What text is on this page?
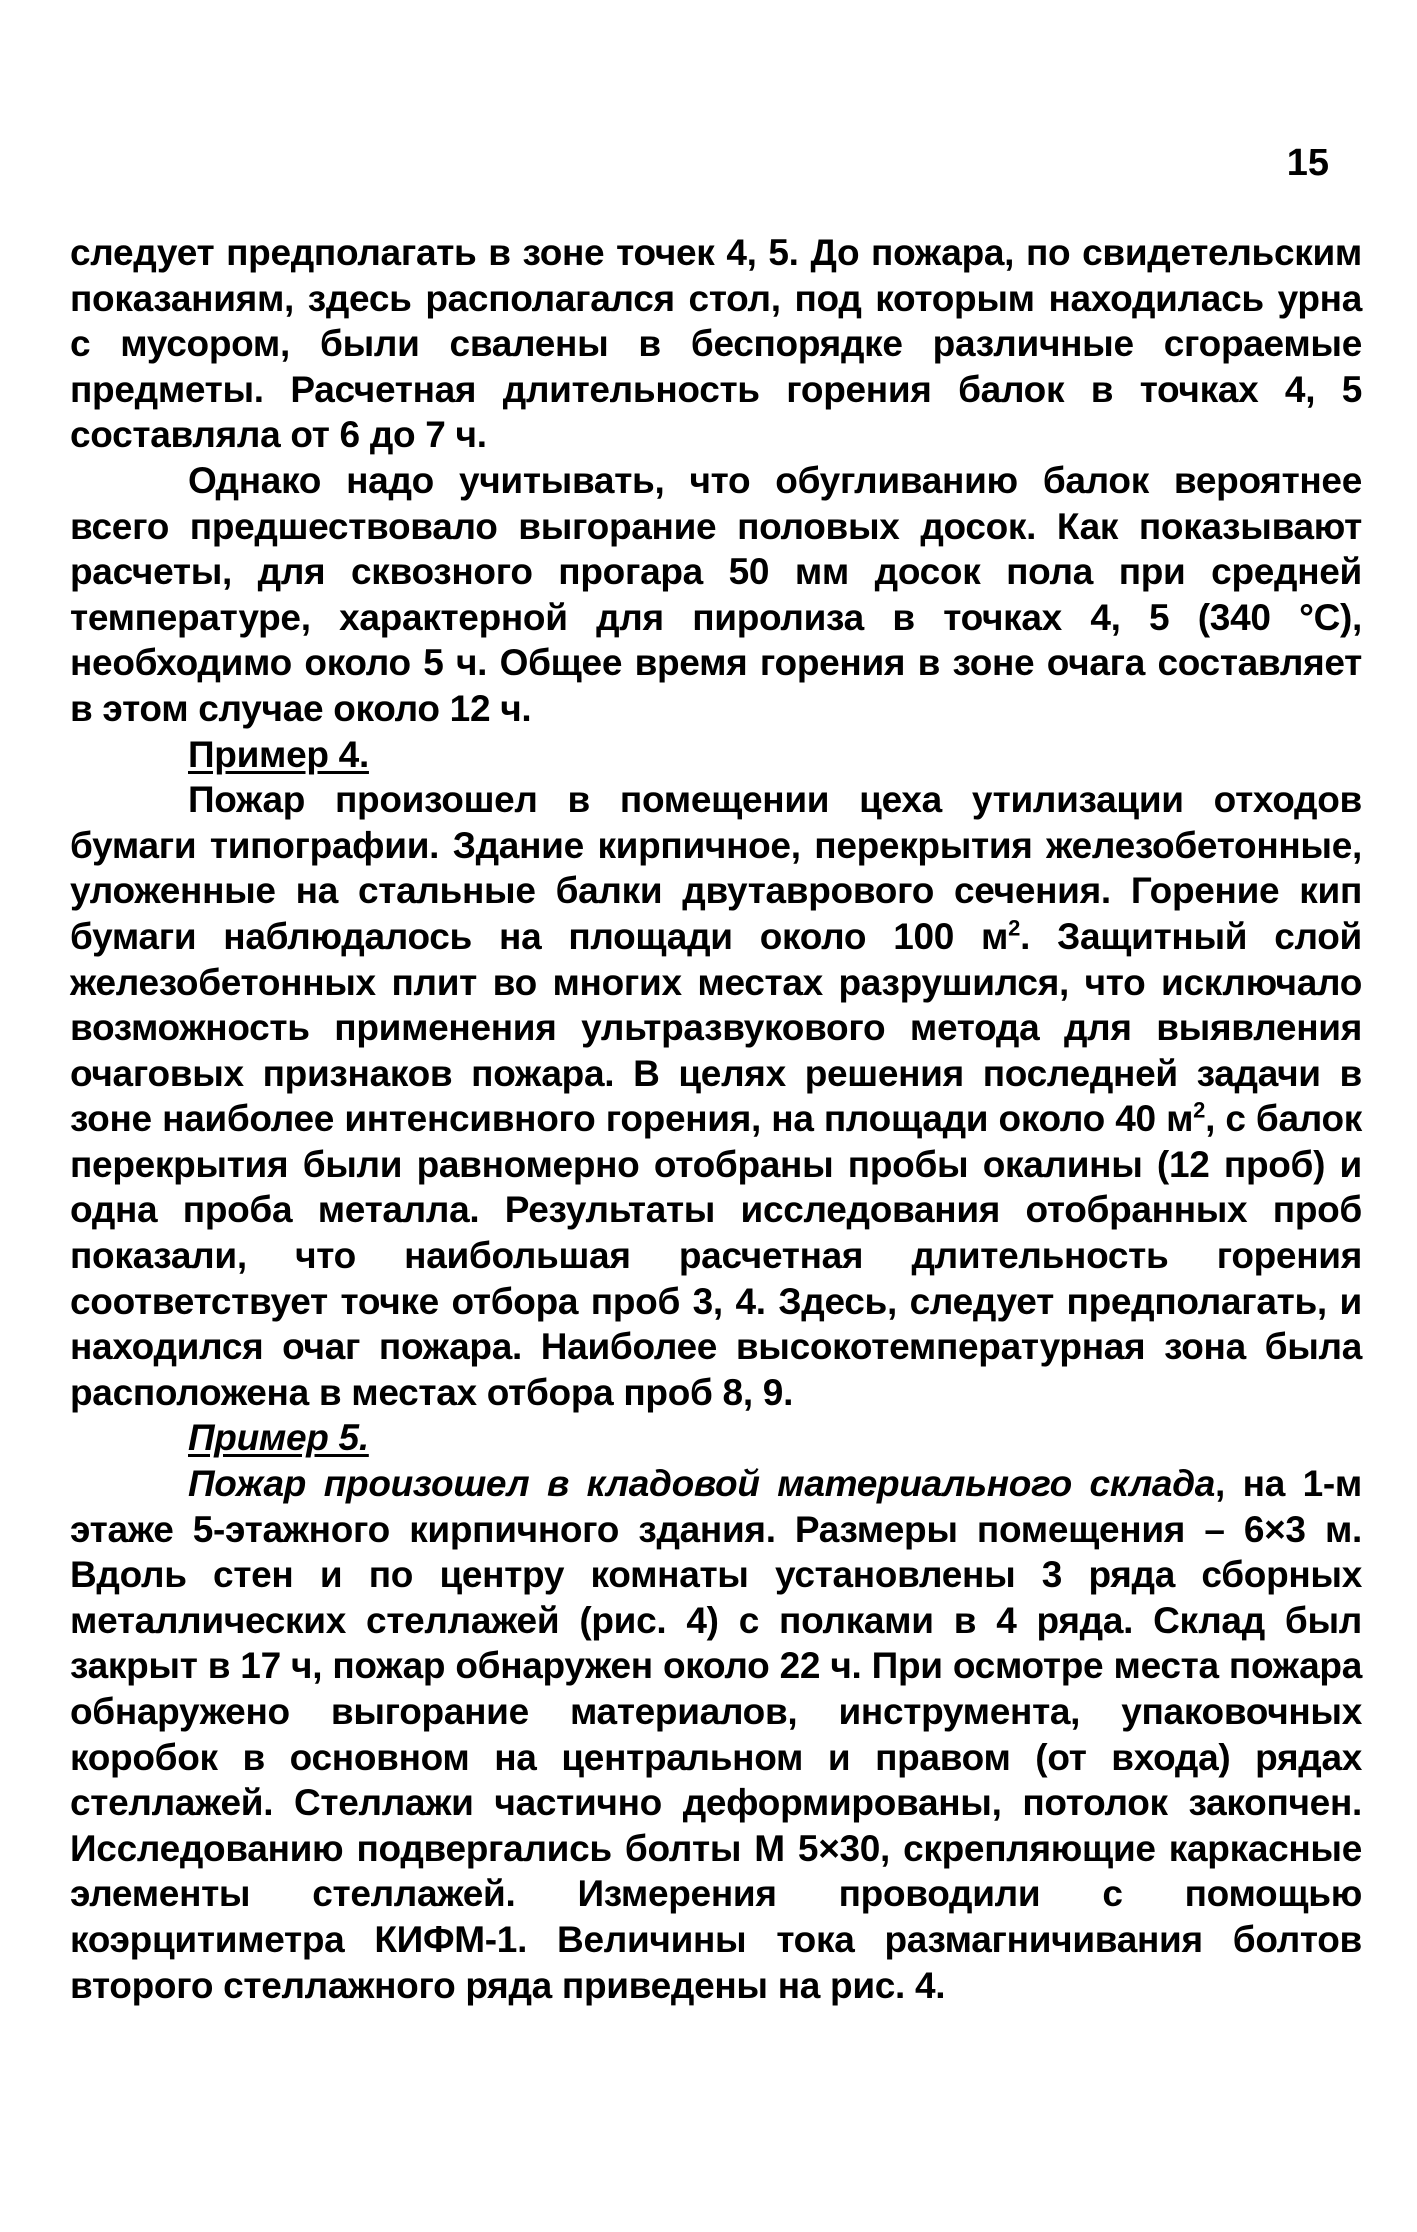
15

следует предполагать в зоне точек 4, 5. До пожара, по свидетельским показаниям, здесь располагался стол, под которым находилась урна с мусором, были свалены в беспорядке различные сгораемые предметы. Расчетная длительность горения балок в точках 4, 5 составляла от 6 до 7 ч.

Однако надо учитывать, что обугливанию балок вероятнее всего предшествовало выгорание половых досок. Как показывают расчеты, для сквозного прогара 50 мм досок пола при средней температуре, характерной для пиролиза в точках 4, 5 (340 °С), необходимо около 5 ч. Общее время горения в зоне очага составляет в этом случае около 12 ч.

Пример 4.

Пожар произошел в помещении цеха утилизации отходов бумаги типографии. Здание кирпичное, перекрытия железобетонные, уложенные на стальные балки двутаврового сечения. Горение кип бумаги наблюдалось на площади около 100 $м^2$. Защитный слой железобетонных плит во многих местах разрушился, что исключало возможность применения ультразвукового метода для выявления очаговых признаков пожара. В целях решения последней задачи в зоне наиболее интенсивного горения, на площади около 40 $м^2$, с балок перекрытия были равномерно отобраны пробы окалины (12 проб) и одна проба металла. Результаты исследования отобранных проб показали, что наибольшая расчетная длительность горения соответствует точке отбора проб 3, 4. Здесь, следует предполагать, и находился очаг пожара. Наиболее высокотемпературная зона была расположена в местах отбора проб 8, 9.

Пример 5.

Пожар произошел в кладовой материального склада, на 1-м этаже 5-этажного кирпичного здания. Размеры помещения – 6×3 м. Вдоль стен и по центру комнаты установлены 3 ряда сборных металлических стеллажей (рис. 4) с полками в 4 ряда. Склад был закрыт в 17 ч, пожар обнаружен около 22 ч. При осмотре места пожара обнаружено выгорание материалов, инструмента, упаковочных коробок в основном на центральном и правом (от входа) рядах стеллажей. Стеллажи частично деформированы, потолок закопчен. Исследованию подвергались болты М 5×30, скрепляющие каркасные элементы стеллажей. Измерения проводили с помощью коэрцитиметра КИФМ-1. Величины тока размагничивания болтов второго стеллажного ряда приведены на рис. 4.
